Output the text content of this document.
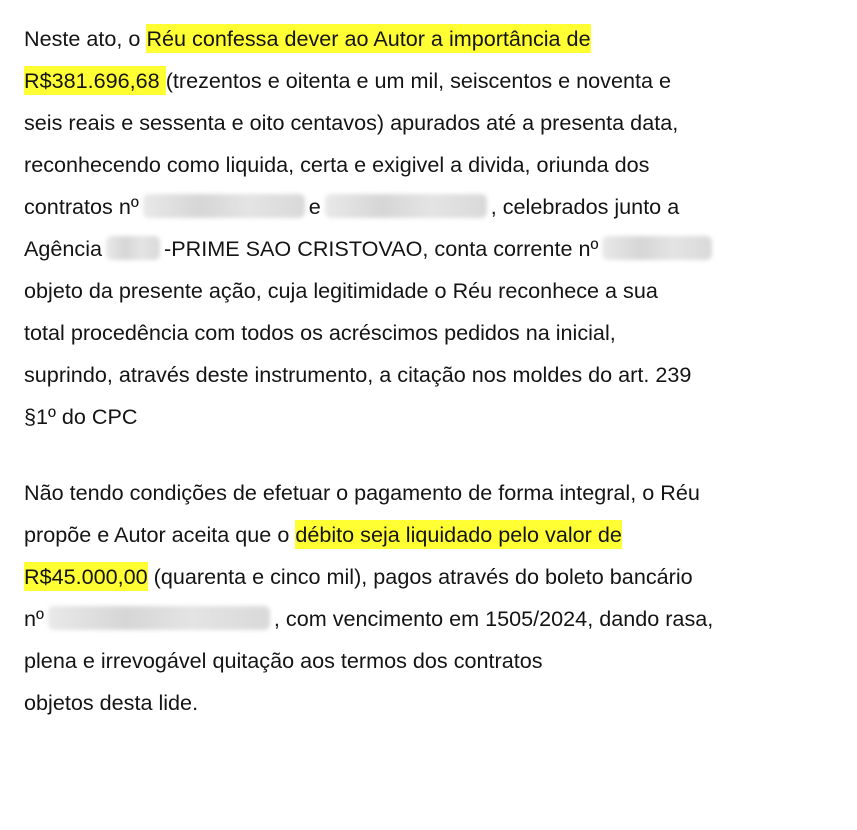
Neste ato, o Réu confessa dever ao Autor a importância de
R$381.696,68 (trezentos e oitenta e um mil, seiscentos e noventa e
seis reais e sessenta e oito centavos) apurados até a presenta data,
reconhecendo como liquida, certa e exigivel a divida, oriunda dos
contratos nº	e	, celebrados junto a
Agência	-PRIME SAO CRISTOVAO, conta corrente nº
objeto da presente ação, cuja legitimidade o Réu reconhece a sua
total procedência com todos os acréscimos pedidos na inicial,
suprindo, através deste instrumento, a citação nos moldes do art. 239
§1º do CPC
Não tendo condições de efetuar o pagamento de forma integral, o Réu
propõe e Autor aceita que o débito seja liquidado pelo valor de
R$45.000,00 (quarenta e cinco mil), pagos através do boleto bancário
nº	, com vencimento em 1505/2024, dando rasa,
plena e irrevogável quitação aos termos dos contratos
objetos desta lide.
